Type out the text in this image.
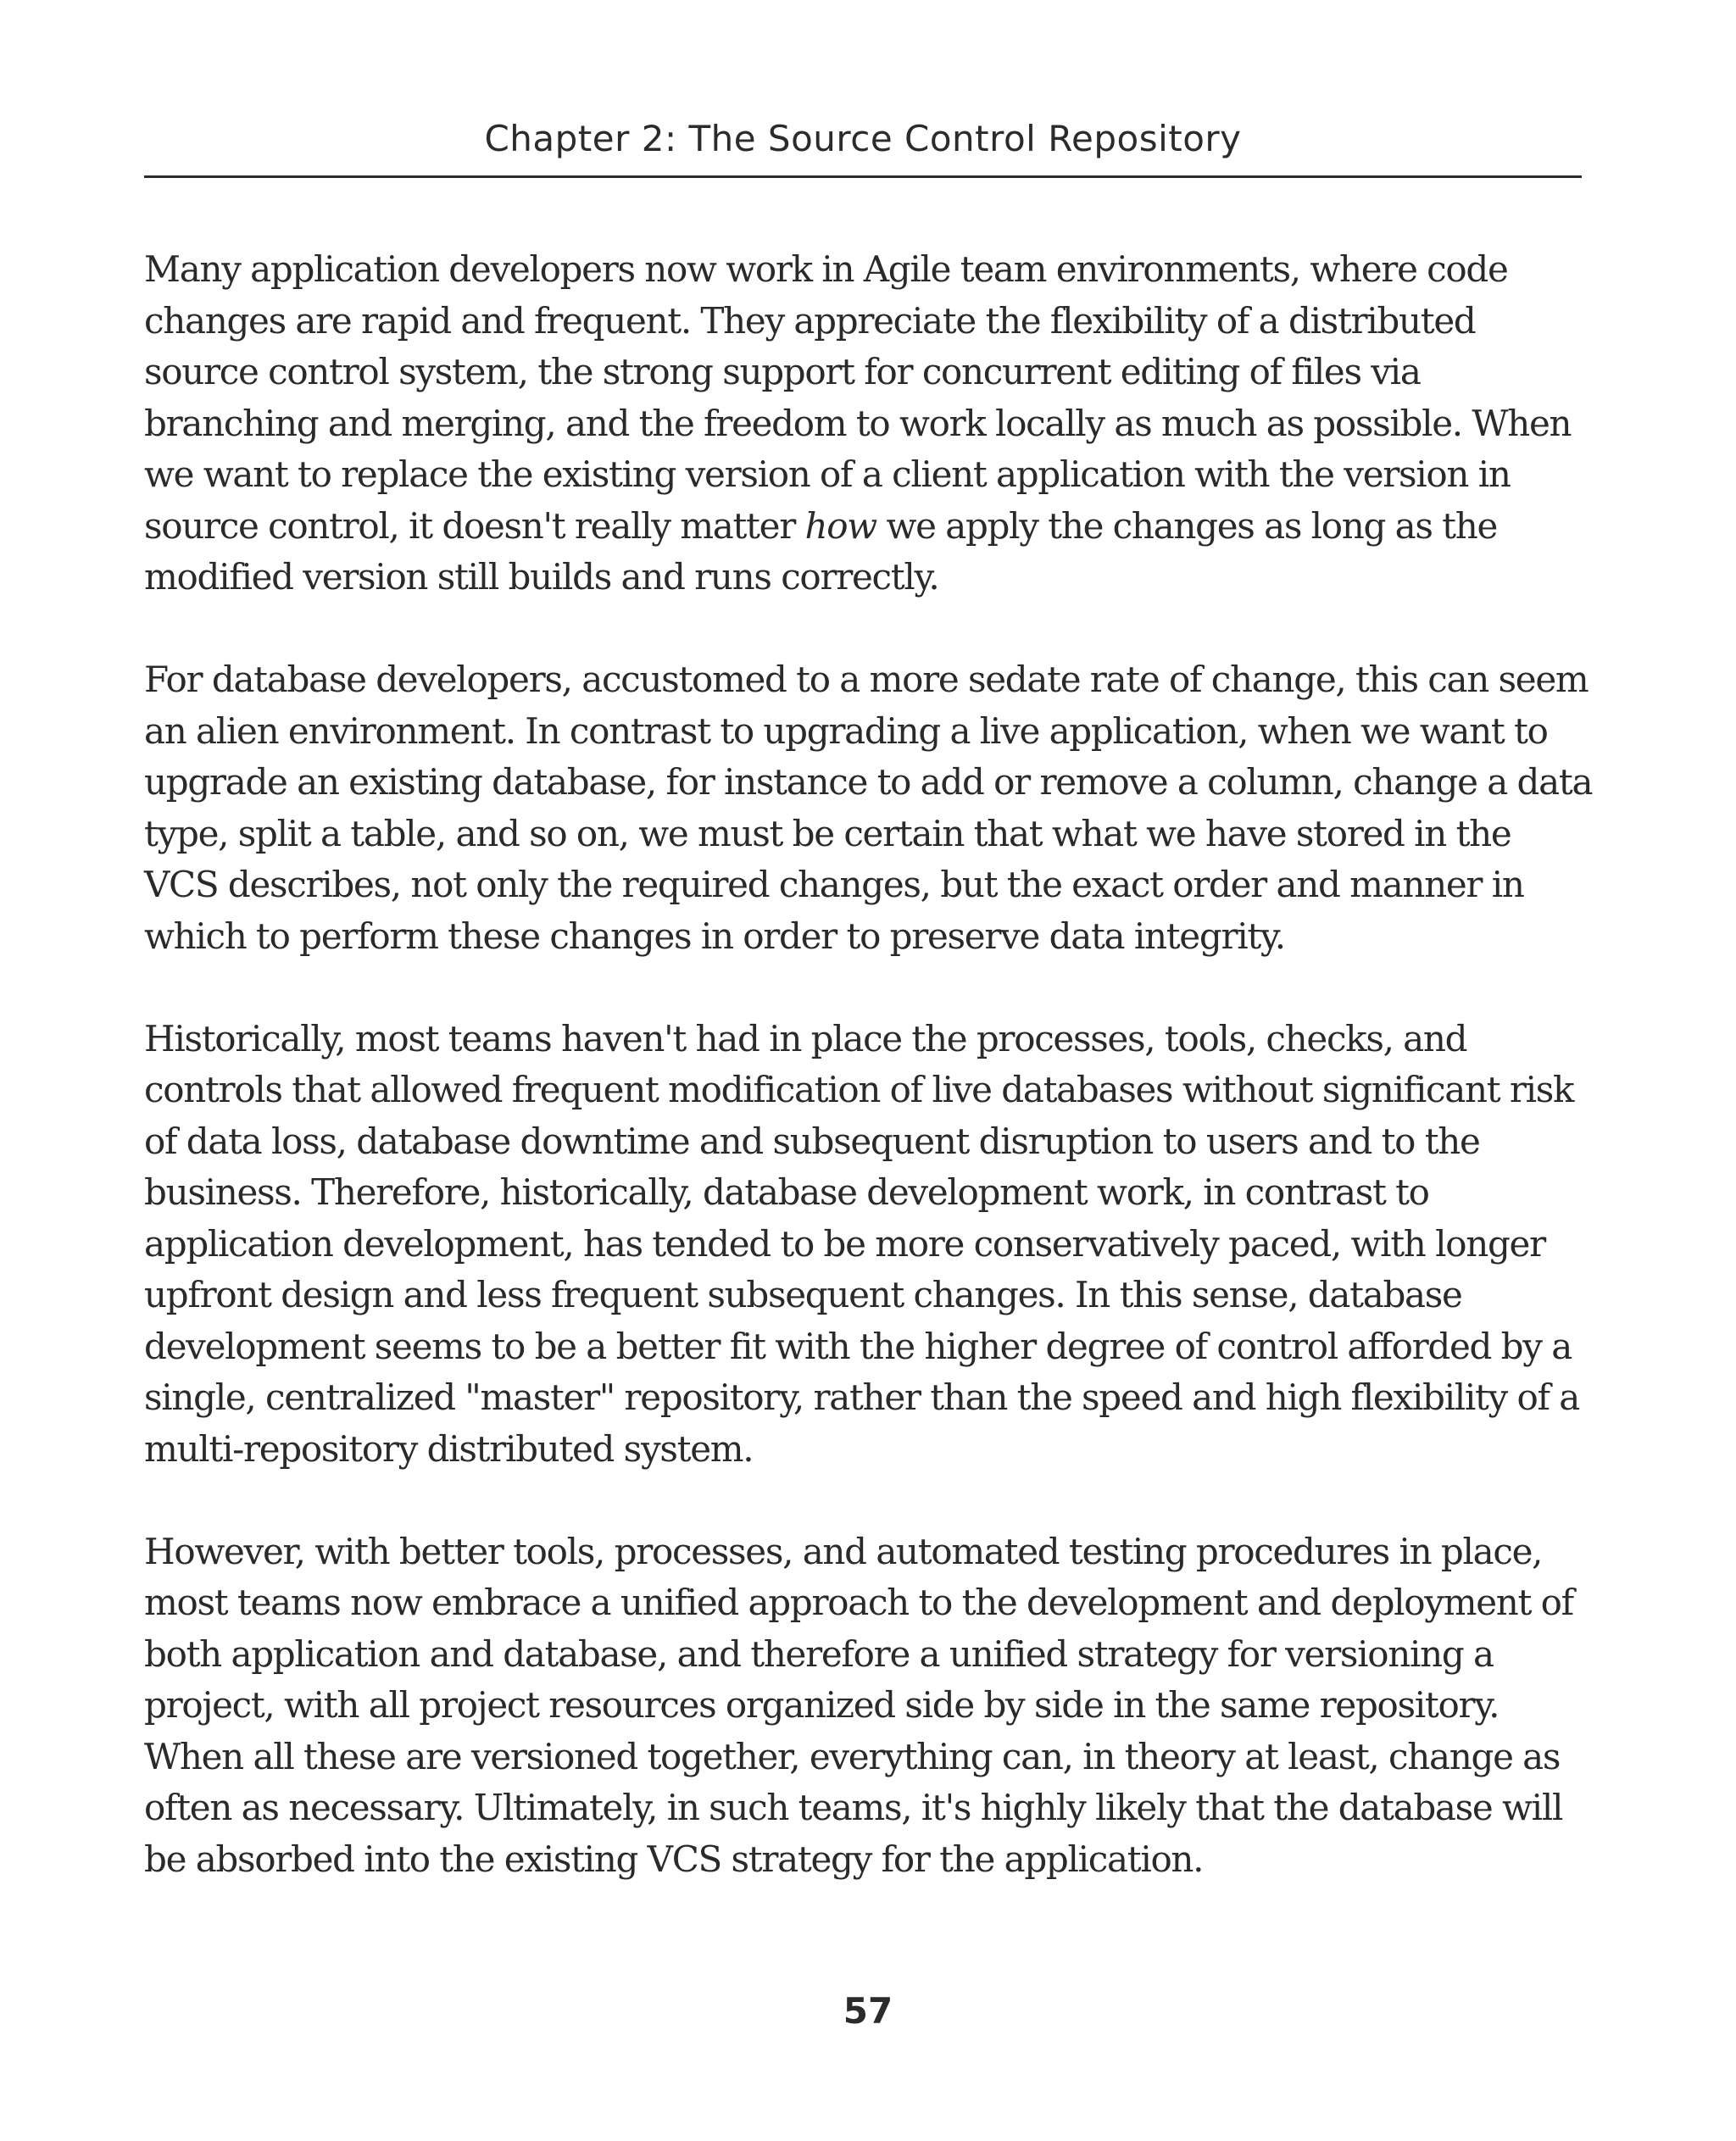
Chapter 2: The Source Control Repository

Many application developers now work in Agile team environments, where code changes are rapid and frequent. They appreciate the flexibility of a distributed source control system, the strong support for concurrent editing of files via branching and merging, and the freedom to work locally as much as possible. When we want to replace the existing version of a client application with the version in source control, it doesn't really matter how we apply the changes as long as the modified version still builds and runs correctly.

For database developers, accustomed to a more sedate rate of change, this can seem an alien environment. In contrast to upgrading a live application, when we want to upgrade an existing database, for instance to add or remove a column, change a data type, split a table, and so on, we must be certain that what we have stored in the VCS describes, not only the required changes, but the exact order and manner in which to perform these changes in order to preserve data integrity.

Historically, most teams haven't had in place the processes, tools, checks, and controls that allowed frequent modification of live databases without significant risk of data loss, database downtime and subsequent disruption to users and to the business. Therefore, historically, database development work, in contrast to application development, has tended to be more conservatively paced, with longer upfront design and less frequent subsequent changes. In this sense, database development seems to be a better fit with the higher degree of control afforded by a single, centralized "master" repository, rather than the speed and high flexibility of a multi-repository distributed system.

However, with better tools, processes, and automated testing procedures in place, most teams now embrace a unified approach to the development and deployment of both application and database, and therefore a unified strategy for versioning a project, with all project resources organized side by side in the same repository. When all these are versioned together, everything can, in theory at least, change as often as necessary. Ultimately, in such teams, it's highly likely that the database will be absorbed into the existing VCS strategy for the application.

57
